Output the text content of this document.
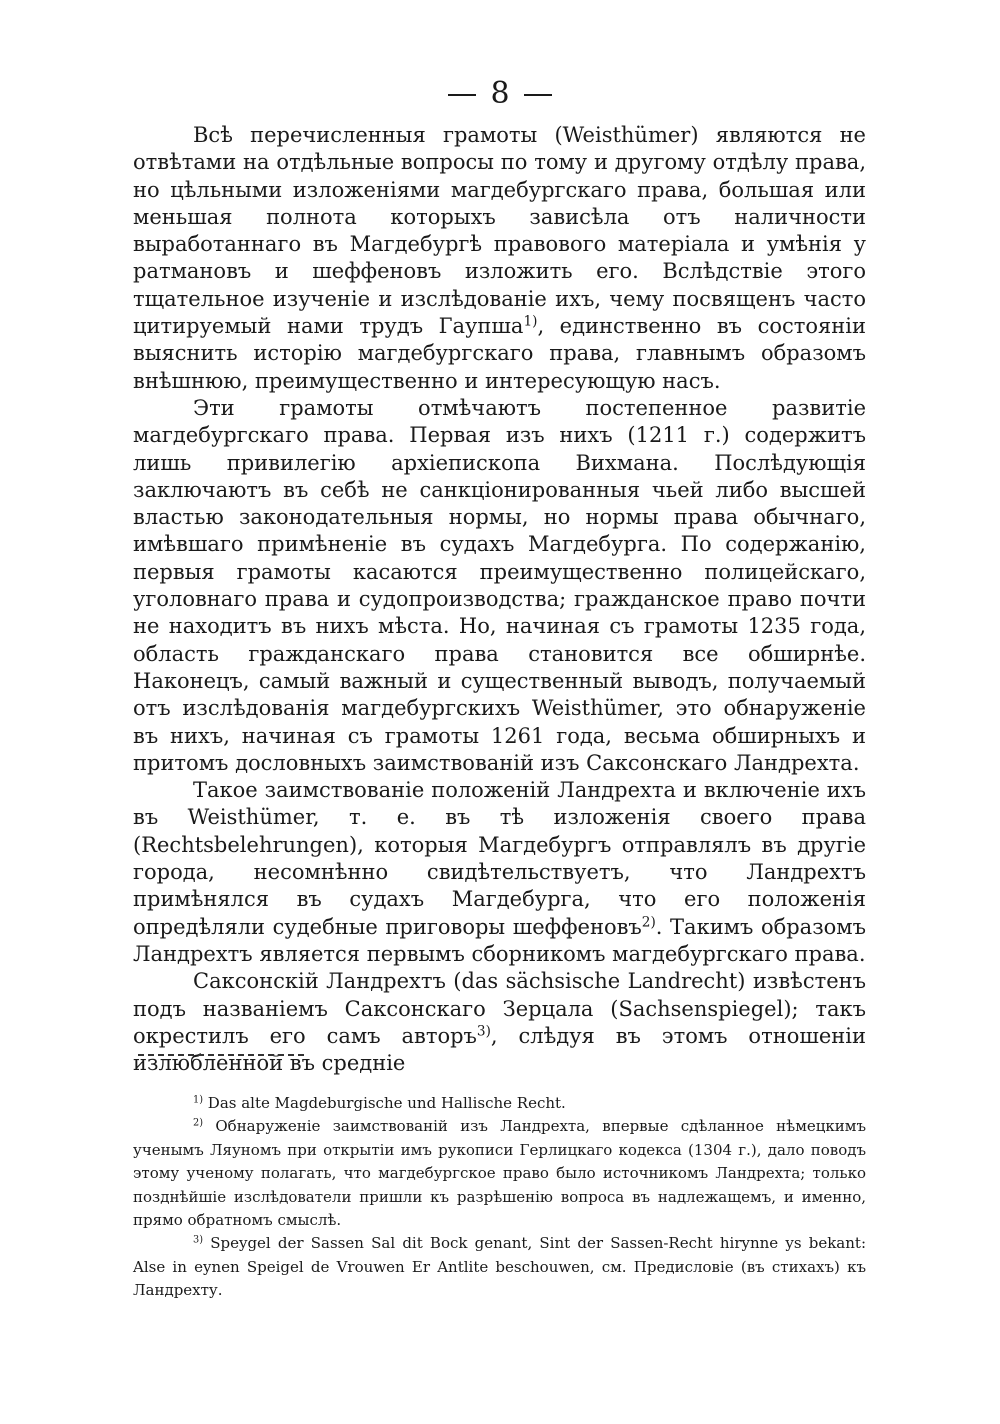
8

Всѣ перечисленныя грамоты (Weisthümer) являются не отвѣтами на отдѣльные вопросы по тому и другому отдѣлу права, но цѣльными изложеніями магдебургскаго права, большая или меньшая полнота которыхъ зависѣла отъ наличности выработаннаго въ Магдебургѣ правового матеріала и умѣнія у ратмановъ и шеффеновъ изложить его. Вслѣдствіе этого тщательное изученіе и изслѣдованіе ихъ, чему посвященъ часто цитируемый нами трудъ Гаупша$^{1)}$, единственно въ состояніи выяснить исторію магдебургскаго права, главнымъ образомъ внѣшнюю, преимущественно и интересующую насъ.

Эти грамоты отмѣчаютъ постепенное развитіе магдебургскаго права. Первая изъ нихъ (1211 г.) содержитъ лишь привилегію архіепископа Вихмана. Послѣдующія заключаютъ въ себѣ не санкціонированныя чьей либо высшей властью законодательныя нормы, но нормы права обычнаго, имѣвшаго примѣненіе въ судахъ Магдебурга. По содержанію, первыя грамоты касаются преимущественно полицейскаго, уголовнаго права и судопроизводства; гражданское право почти не находитъ въ нихъ мѣста. Но, начиная съ грамоты 1235 года, область гражданскаго права становится все обширнѣе. Наконецъ, самый важный и существенный выводъ, получаемый отъ изслѣдованія магдебургскихъ Weisthümer, это обнаруженіе въ нихъ, начиная съ грамоты 1261 года, весьма обширныхъ и притомъ дословныхъ заимствованій изъ Саксонскаго Ландрехта.

Такое заимствованіе положеній Ландрехта и включеніе ихъ въ Weisthümer, т. е. въ тѣ изложенія своего права (Rechtsbelehrungen), которыя Магдебургъ отправлялъ въ другіе города, несомнѣнно свидѣтельствуетъ, что Ландрехтъ примѣнялся въ судахъ Магдебурга, что его положенія опредѣляли судебные приговоры шеффеновъ$^{2)}$. Такимъ образомъ Ландрехтъ является первымъ сборникомъ магдебургскаго права.

Саксонскій Ландрехтъ (das sächsische Landrecht) извѣстенъ подъ названіемъ Саксонскаго Зерцала (Sachsenspiegel); такъ окрестилъ его самъ авторъ$^{3)}$, слѣдуя въ этомъ отношеніи излюбленной въ средніе

$^{1)}$ Das alte Magdeburgische und Hallische Recht.

$^{2)}$ Обнаруженіе заимствованій изъ Ландрехта, впервые сдѣланное нѣмецкимъ ученымъ Ляуномъ при открытіи имъ рукописи Герлицкаго кодекса (1304 г.), дало поводъ этому ученому полагать, что магдебургское право было источникомъ Ландрехта; только позднѣйшіе изслѣдователи пришли къ разрѣшенію вопроса въ надлежащемъ, и именно, прямо обратномъ смыслѣ.

$^{3)}$ Speygel der Sassen Sal dit Bock genant, Sint der Sassen-Recht hirynne ys bekant: Alse in eynen Speigel de Vrouwen Er Antlite beschouwen, см. Предисловіе (въ стихахъ) къ Ландрехту.
